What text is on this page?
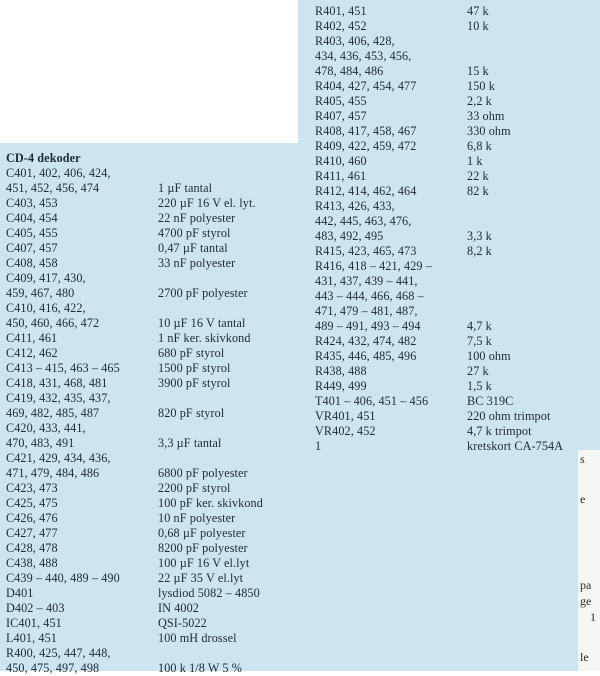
s
e
pa
ge
1
le
CD-4 dekoder
C401, 402, 406, 424,
451, 452, 456, 474	1 µF tantal
C403, 453	220 µF 16 V el. lyt.
C404, 454	22 nF polyester
C405, 455	4700 pF styrol
C407, 457	0,47 µF tantal
C408, 458	33 nF polyester
C409, 417, 430,
459, 467, 480	2700 pF polyester
C410, 416, 422,
450, 460, 466, 472	10 µF 16 V tantal
C411, 461	1 nF ker. skivkond
C412, 462	680 pF styrol
C413 – 415, 463 – 465	1500 pF styrol
C418, 431, 468, 481	3900 pF styrol
C419, 432, 435, 437,
469, 482, 485, 487	820 pF styrol
C420, 433, 441,
470, 483, 491	3,3 µF tantal
C421, 429, 434, 436,
471, 479, 484, 486	6800 pF polyester
C423, 473	2200 pF styrol
C425, 475	100 pF ker. skivkond
C426, 476	10 nF polyester
C427, 477	0,68 µF polyester
C428, 478	8200 pF polyester
C438, 488	100 µF 16 V el.lyt
C439 – 440, 489 – 490	22 µF 35 V el.lyt
D401	lysdiod 5082 – 4850
D402 – 403	IN 4002
IC401, 451	QSI-5022
L401, 451	100 mH drossel
R400, 425, 447, 448,
450, 475, 497, 498	100 k 1/8 W 5 %
R401, 451	47 k
R402, 452	10 k
R403, 406, 428,
434, 436, 453, 456,
478, 484, 486	15 k
R404, 427, 454, 477	150 k
R405, 455	2,2 k
R407, 457	33 ohm
R408, 417, 458, 467	330 ohm
R409, 422, 459, 472	6,8 k
R410, 460	1 k
R411, 461	22 k
R412, 414, 462, 464	82 k
R413, 426, 433,
442, 445, 463, 476,
483, 492, 495	3,3 k
R415, 423, 465, 473	8,2 k
R416, 418 – 421, 429 –
431, 437, 439 – 441,
443 – 444, 466, 468 –
471, 479 – 481, 487,
489 – 491, 493 – 494	4,7 k
R424, 432, 474, 482	7,5 k
R435, 446, 485, 496	100 ohm
R438, 488	27 k
R449, 499	1,5 k
T401 – 406, 451 – 456	BC 319C
VR401, 451	220 ohm trimpot
VR402, 452	4,7 k trimpot
1	kretskort CA-754A
